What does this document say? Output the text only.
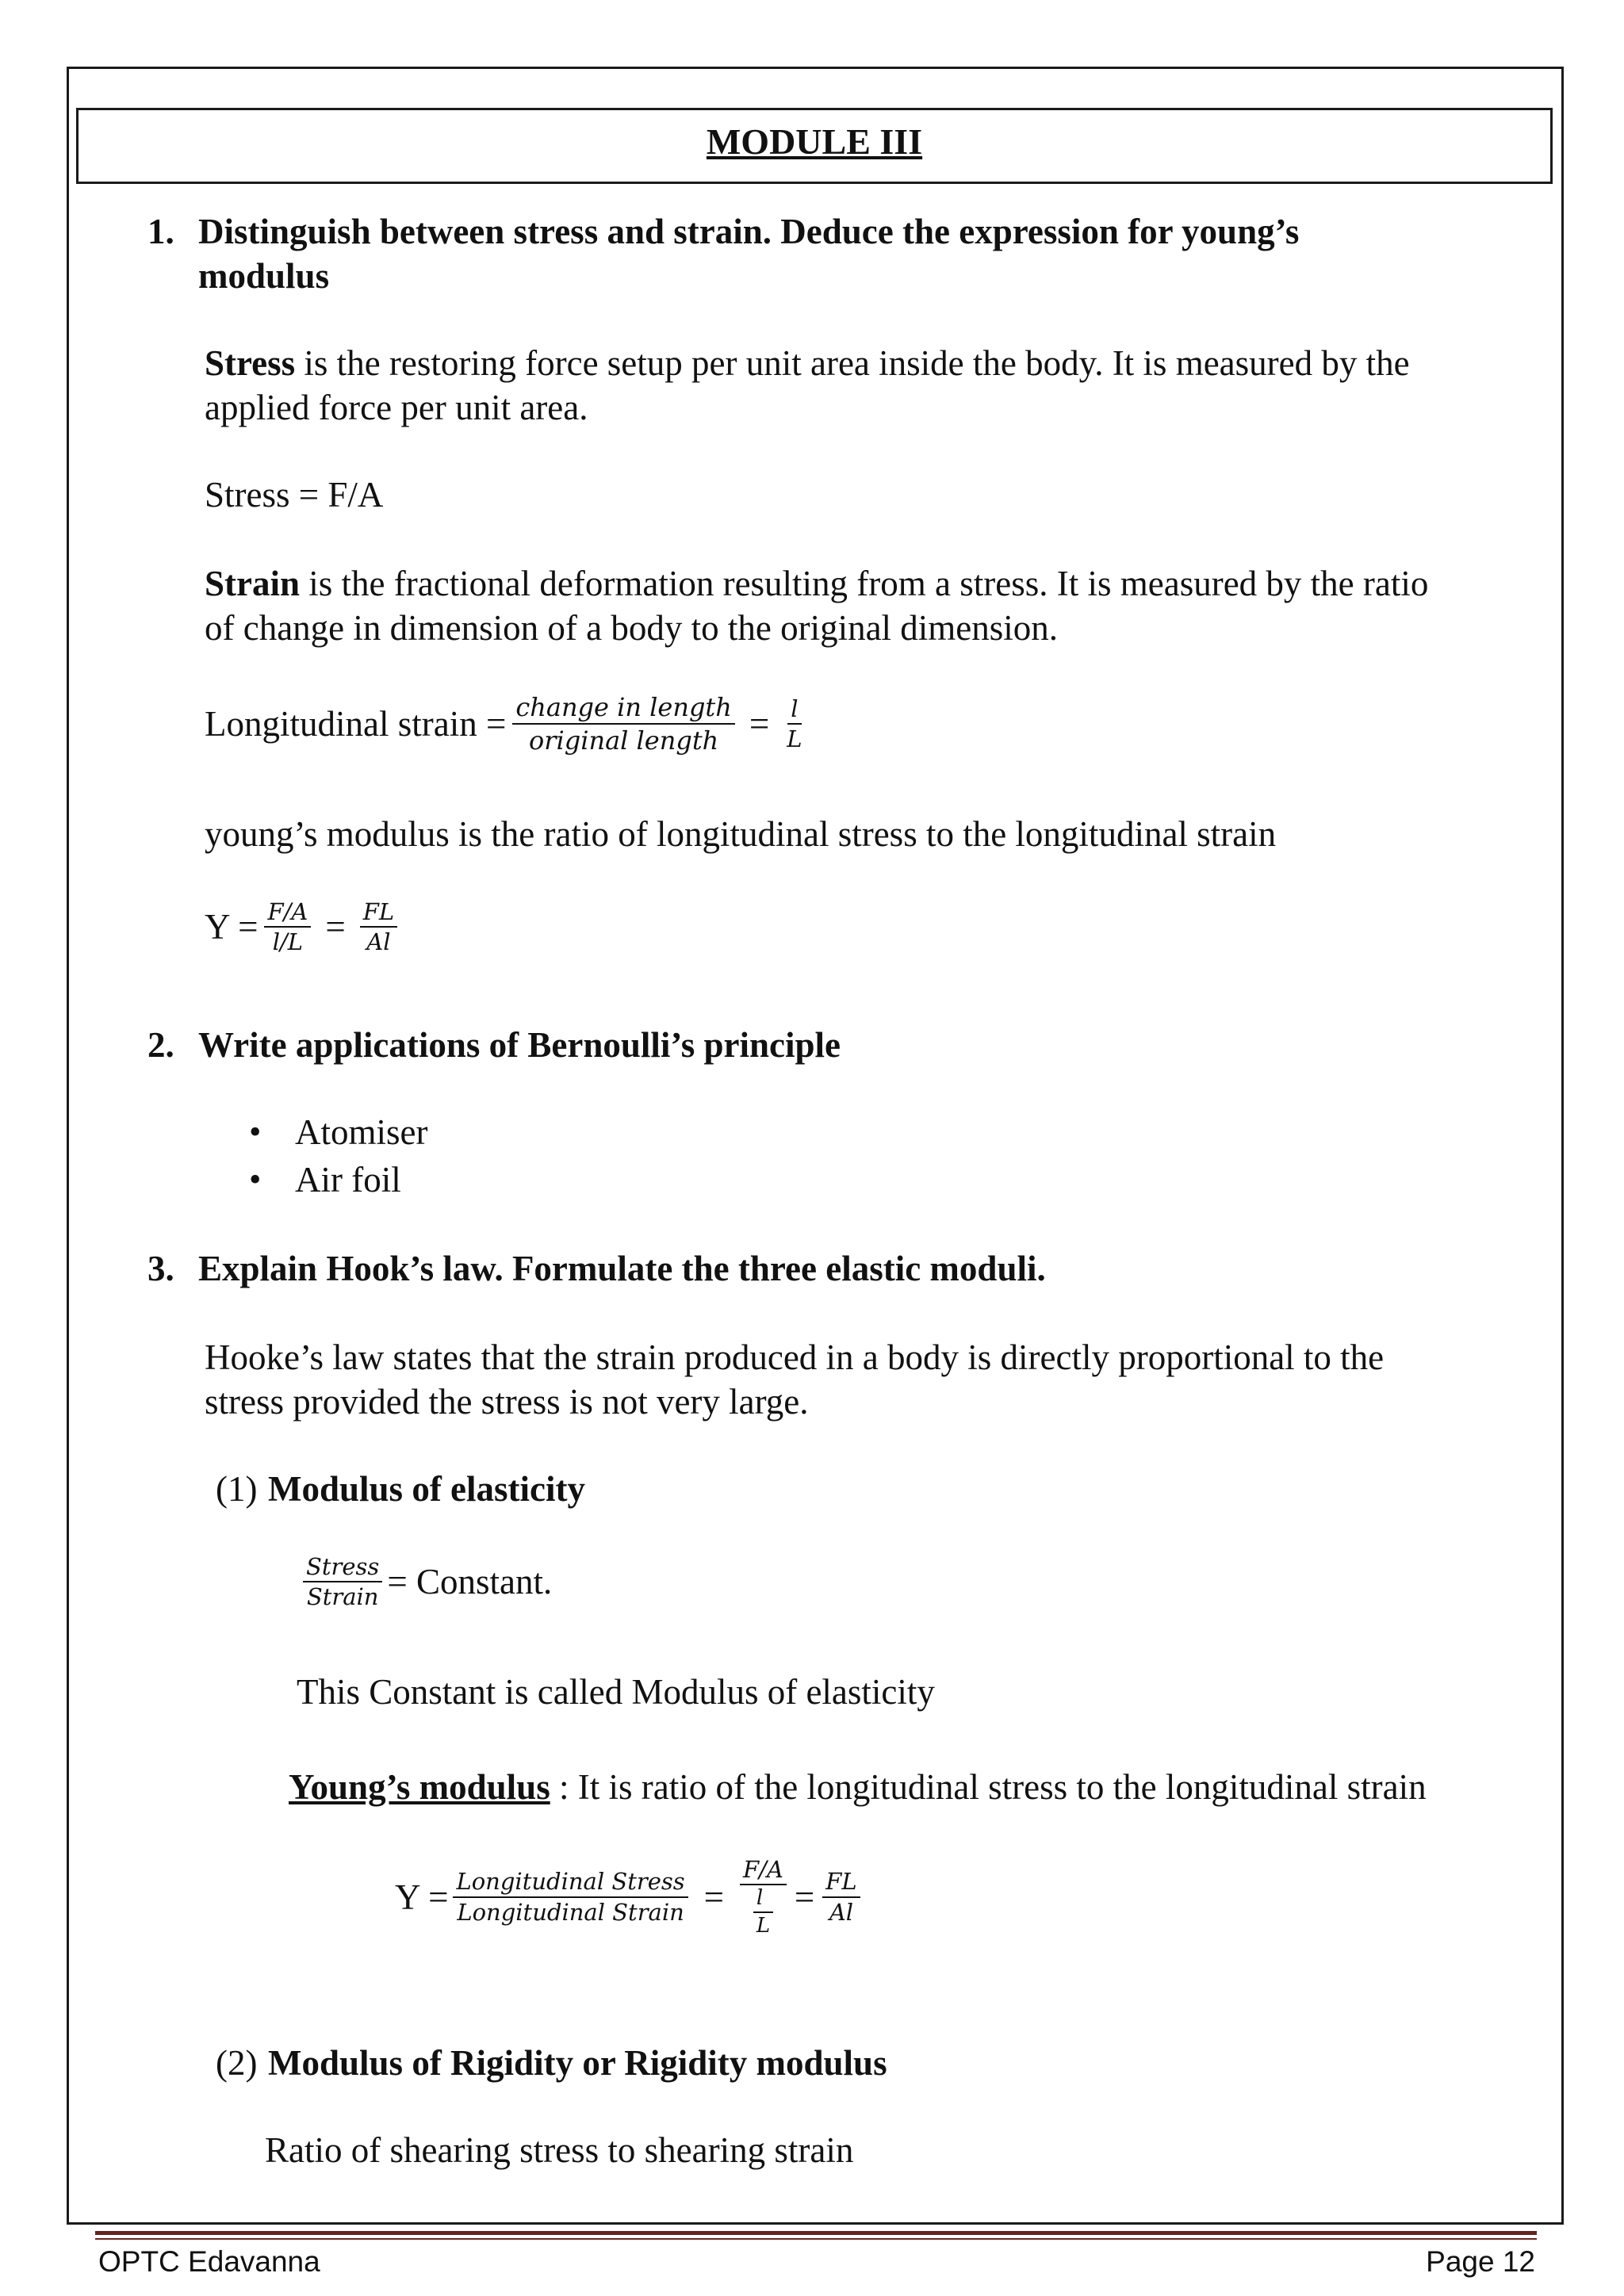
MODULE III
1. Distinguish between stress and strain. Deduce the expression for young’s
modulus
Stress is the restoring force setup per unit area inside the body. It is measured by the
applied force per unit area.
Stress = F/A
Strain is the fractional deformation resulting from a stress. It is measured by the ratio
of change in dimension of a body to the original dimension.
Longitudinal strain = $\frac{\text{change in length}}{\text{original length}} = \frac{l}{L}$
young’s modulus is the ratio of longitudinal stress to the longitudinal strain
$Y = \frac{F/A}{l/L} = \frac{FL}{Al}$
2. Write applications of Bernoulli’s principle
• Atomiser
• Air foil
3. Explain Hook’s law. Formulate the three elastic moduli.
Hooke’s law states that the strain produced in a body is directly proportional to the
stress provided the stress is not very large.
(1) Modulus of elasticity
$\frac{\text{Stress}}{\text{Strain}}$ = Constant.
This Constant is called Modulus of elasticity
Young’s modulus : It is ratio of the longitudinal stress to the longitudinal strain
$Y = \frac{\text{Longitudinal Stress}}{\text{Longitudinal Strain}} = \frac{F/A}{\frac{l}{L}} = \frac{FL}{Al}$
(2) Modulus of Rigidity or Rigidity modulus
Ratio of shearing stress to shearing strain
OPTC Edavanna	Page 12
